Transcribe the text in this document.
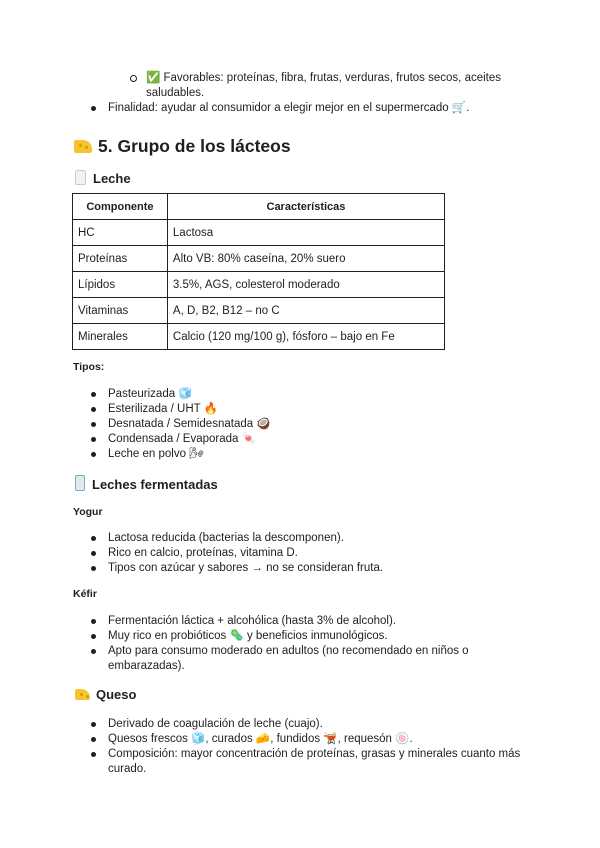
✅ Favorables: proteínas, fibra, frutas, verduras, frutos secos, aceites
saludables.
Finalidad: ayudar al consumidor a elegir mejor en el supermercado 🛒.
5. Grupo de los lácteos
Leche
Componente	Características
HC	Lactosa
Proteínas	Alto VB: 80% caseína, 20% suero
Lípidos	3.5%, AGS, colesterol moderado
Vitaminas	A, D, B2, B12 – no C
Minerales	Calcio (120 mg/100 g), fósforo – bajo en Fe
Tipos:
Pasteurizada 🧊
Esterilizada / UHT 🔥
Desnatada / Semidesnatada 🥥
Condensada / Evaporada 🍬
Leche en polvo 🌬
Leches fermentadas
Yogur
Lactosa reducida (bacterias la descomponen).
Rico en calcio, proteínas, vitamina D.
Tipos con azúcar y sabores → no se consideran fruta.
Kéfir
Fermentación láctica + alcohólica (hasta 3% de alcohol).
Muy rico en probióticos 🦠 y beneficios inmunológicos.
Apto para consumo moderado en adultos (no recomendado en niños o
embarazadas).
Queso
Derivado de coagulación de leche (cuajo).
Quesos frescos 🧊, curados 🧀, fundidos 🫕, requesón 🍥.
Composición: mayor concentración de proteínas, grasas y minerales cuanto más
curado.
